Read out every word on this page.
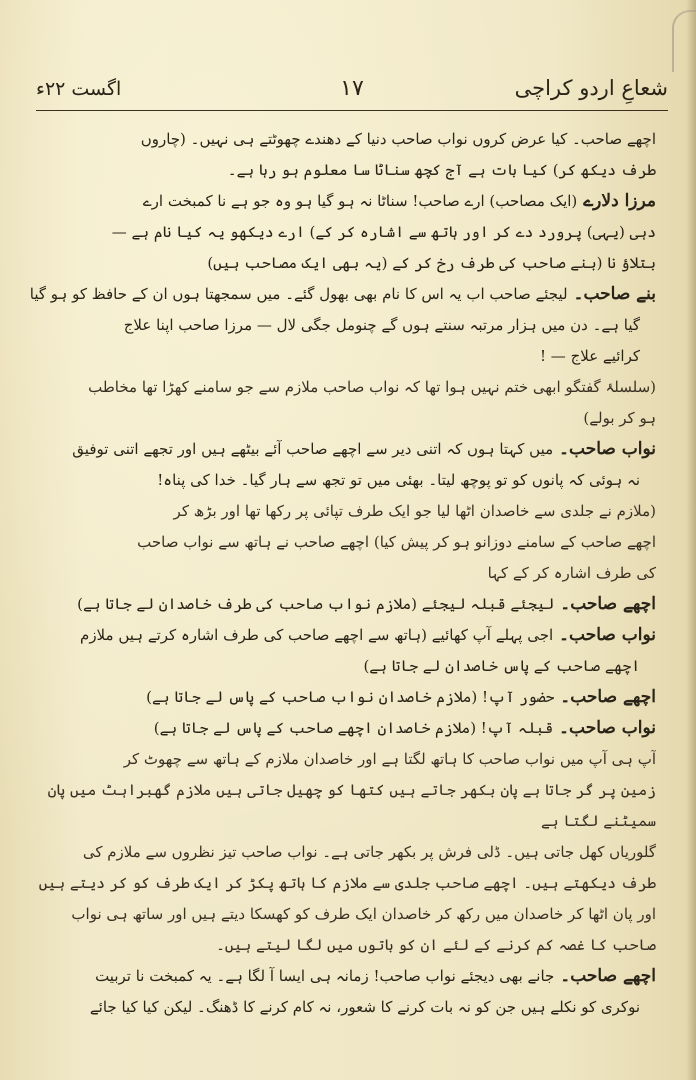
شعاعِ اردو کراچی
۱۷
اگست ۲۲ء
اچھے صاحب۔ کیا عرض کروں نواب صاحب دنیا کے دھندے چھوٹتے ہی نہیں۔ (چاروں
طرف دیکھ کر) کیا بات ہے آج کچھ سناٹا سا معلوم ہو رہا ہے۔
مرزا دلارے (ایک مصاحب) ارے صاحب! سناٹا نہ ہو گیا ہو وہ جو ہے نا کمبخت ارے
دہی (یہی) پرورد دے کر اور ہاتھ سے اشارہ کر کے) ارے دیکھو یہ کیا نام ہے —
بتلاؤ نا (بنے صاحب کی طرف رخ کر کے (یہ بھی ایک مصاحب ہیں)
بنے صاحب۔ لیجئے صاحب اب یہ اس کا نام بھی بھول گئے۔ میں سمجھتا ہوں ان کے حافظ کو ہو گیا
گیا ہے۔ دن میں ہزار مرتبہ سنتے ہوں گے چنومل جگی لال — مرزا صاحب اپنا علاج
کرائیے علاج — !
(سلسلۂ گفتگو ابھی ختم نہیں ہوا تھا کہ نواب صاحب ملازم سے جو سامنے کھڑا تھا مخاطب
ہو کر بولے)
نواب صاحب۔ میں کہتا ہوں کہ اتنی دیر سے اچھے صاحب آئے بیٹھے ہیں اور تجھے اتنی توفیق
نہ ہوئی کہ پانوں کو تو پوچھ لیتا۔ بھئی میں تو تجھ سے ہار گیا۔ خدا کی پناہ!
(ملازم نے جلدی سے خاصدان اٹھا لیا جو ایک طرف تپائی پر رکھا تھا اور بڑھ کر
اچھے صاحب کے سامنے دوزانو ہو کر پیش کیا) اچھے صاحب نے ہاتھ سے نواب صاحب
کی طرف اشارہ کر کے کہا
اچھے صاحب۔ لیجئے قبلہ لیجئے (ملازم نواب صاحب کی طرف خاصدان لے جاتا ہے)
نواب صاحب۔ اجی پہلے آپ کھائیے (ہاتھ سے اچھے صاحب کی طرف اشارہ کرتے ہیں ملازم
اچھے صاحب کے پاس خاصدان لے جاتا ہے)
اچھے صاحب۔ حضور آپ! (ملازم خاصدان نواب صاحب کے پاس لے جاتا ہے)
نواب صاحب۔ قبلہ آپ! (ملازم خاصدان اچھے صاحب کے پاس لے جاتا ہے)
آپ ہی آپ میں نواب صاحب کا ہاتھ لگتا ہے اور خاصدان ملازم کے ہاتھ سے چھوٹ کر
زمین پر گر جاتا ہے پان بکھر جاتے ہیں کتھا کو چھیل جاتی ہیں ملازم گھبراہٹ میں پان سمیٹنے لگتا ہے
گلوریاں کھل جاتی ہیں۔ ڈلی فرش پر بکھر جاتی ہے۔ نواب صاحب تیز نظروں سے ملازم کی
طرف دیکھتے ہیں۔ اچھے صاحب جلدی سے ملازم کا ہاتھ پکڑ کر ایک طرف کو کر دیتے ہیں
اور پان اٹھا کر خاصدان میں رکھ کر خاصدان ایک طرف کو کھسکا دیتے ہیں اور ساتھ ہی نواب
صاحب کا غصہ کم کرنے کے لئے ان کو باتوں میں لگا لیتے ہیں۔
اچھے صاحب۔ جانے بھی دیجئے نواب صاحب! زمانہ ہی ایسا آ لگا ہے۔ یہ کمبخت نا تربیت
نوکری کو نکلے ہیں جن کو نہ بات کرنے کا شعور، نہ کام کرنے کا ڈھنگ۔ لیکن کیا کیا جائے
